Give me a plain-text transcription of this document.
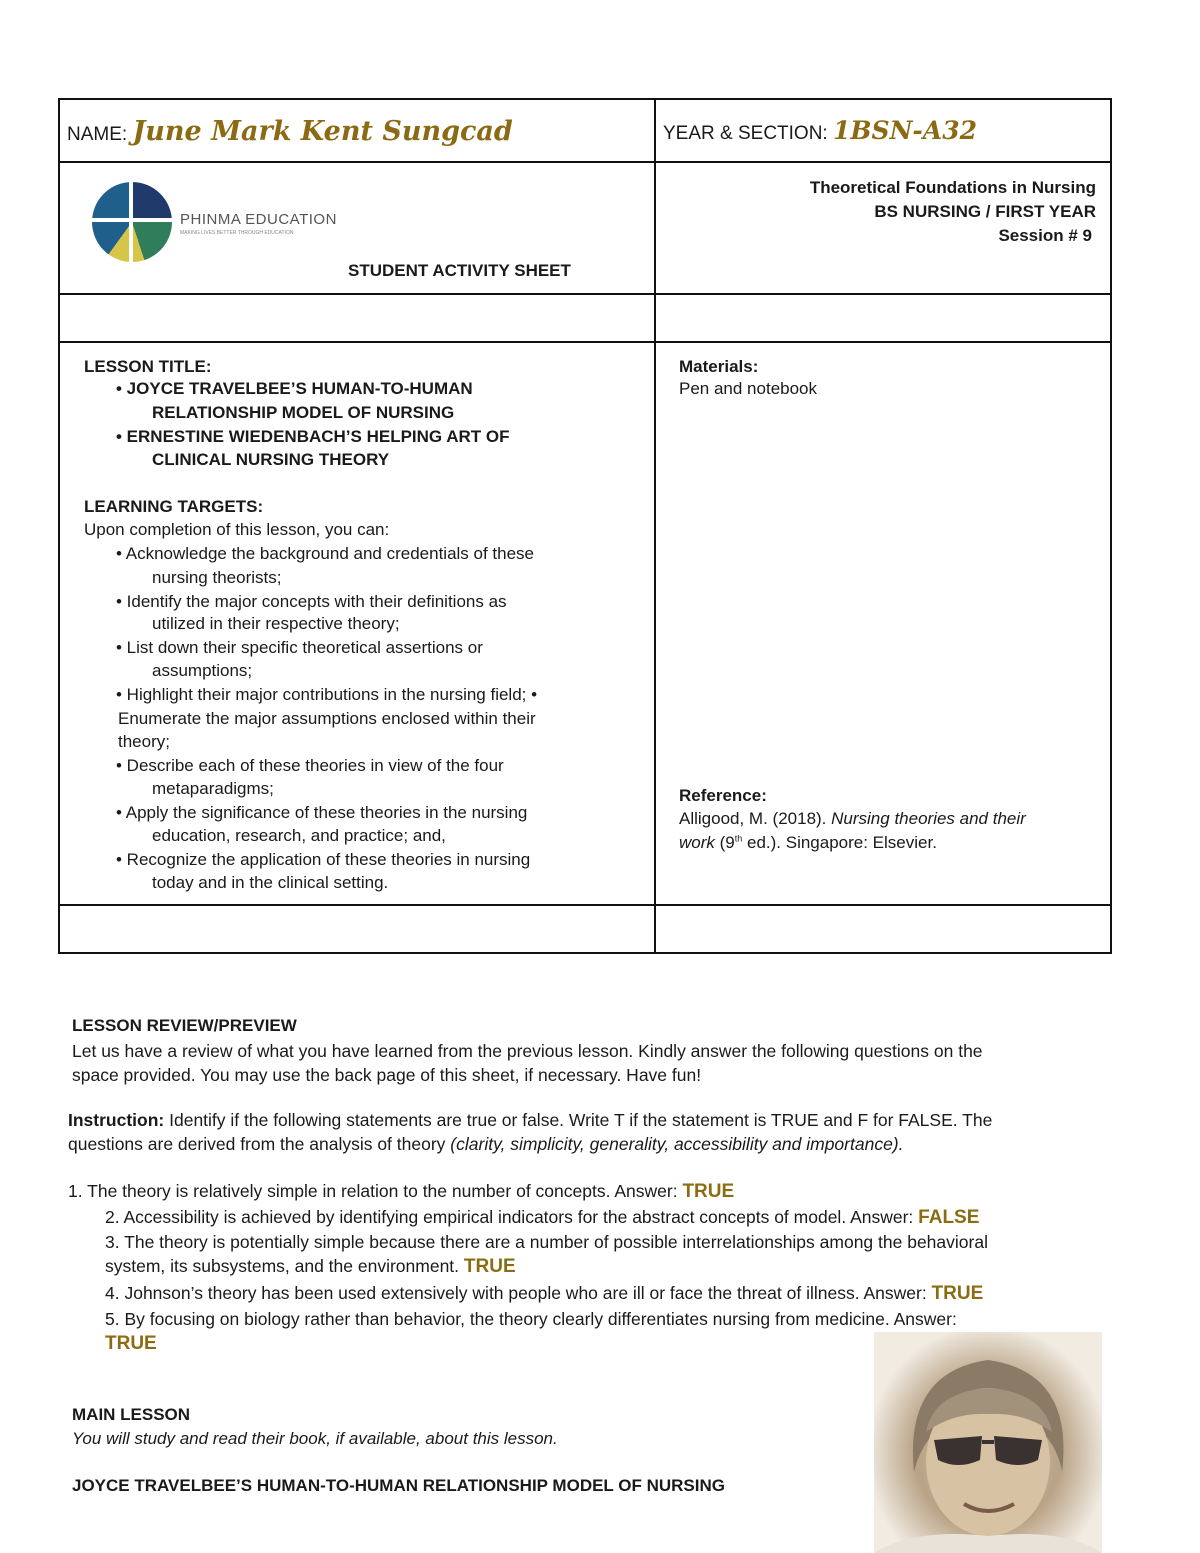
NAME: June Mark Kent Sungcad	YEAR & SECTION: 1BSN-A32
PHINMA EDUCATION
MAKING LIVES BETTER THROUGH EDUCATION
STUDENT ACTIVITY SHEET
Theoretical Foundations in Nursing
BS NURSING / FIRST YEAR
Session # 9
LESSON TITLE:
• JOYCE TRAVELBEE’S HUMAN-TO-HUMAN
RELATIONSHIP MODEL OF NURSING
• ERNESTINE WIEDENBACH’S HELPING ART OF
CLINICAL NURSING THEORY
LEARNING TARGETS:
Upon completion of this lesson, you can:
• Acknowledge the background and credentials of these
nursing theorists;
• Identify the major concepts with their definitions as
utilized in their respective theory;
• List down their specific theoretical assertions or
assumptions;
• Highlight their major contributions in the nursing field; •
Enumerate the major assumptions enclosed within their
theory;
• Describe each of these theories in view of the four
metaparadigms;
• Apply the significance of these theories in the nursing
education, research, and practice; and,
• Recognize the application of these theories in nursing
today and in the clinical setting.
Materials:
Pen and notebook
Reference:
Alligood, M. (2018). Nursing theories and their
work (9th ed.). Singapore: Elsevier.
LESSON REVIEW/PREVIEW
Let us have a review of what you have learned from the previous lesson. Kindly answer the following questions on the
space provided. You may use the back page of this sheet, if necessary. Have fun!
Instruction: Identify if the following statements are true or false. Write T if the statement is TRUE and F for FALSE. The
questions are derived from the analysis of theory (clarity, simplicity, generality, accessibility and importance).
1. The theory is relatively simple in relation to the number of concepts. Answer: TRUE
2. Accessibility is achieved by identifying empirical indicators for the abstract concepts of model. Answer: FALSE
3. The theory is potentially simple because there are a number of possible interrelationships among the behavioral
system, its subsystems, and the environment. TRUE
4. Johnson’s theory has been used extensively with people who are ill or face the threat of illness. Answer: TRUE
5. By focusing on biology rather than behavior, the theory clearly differentiates nursing from medicine. Answer:
TRUE
MAIN LESSON
You will study and read their book, if available, about this lesson.
JOYCE TRAVELBEE’S HUMAN-TO-HUMAN RELATIONSHIP MODEL OF NURSING
